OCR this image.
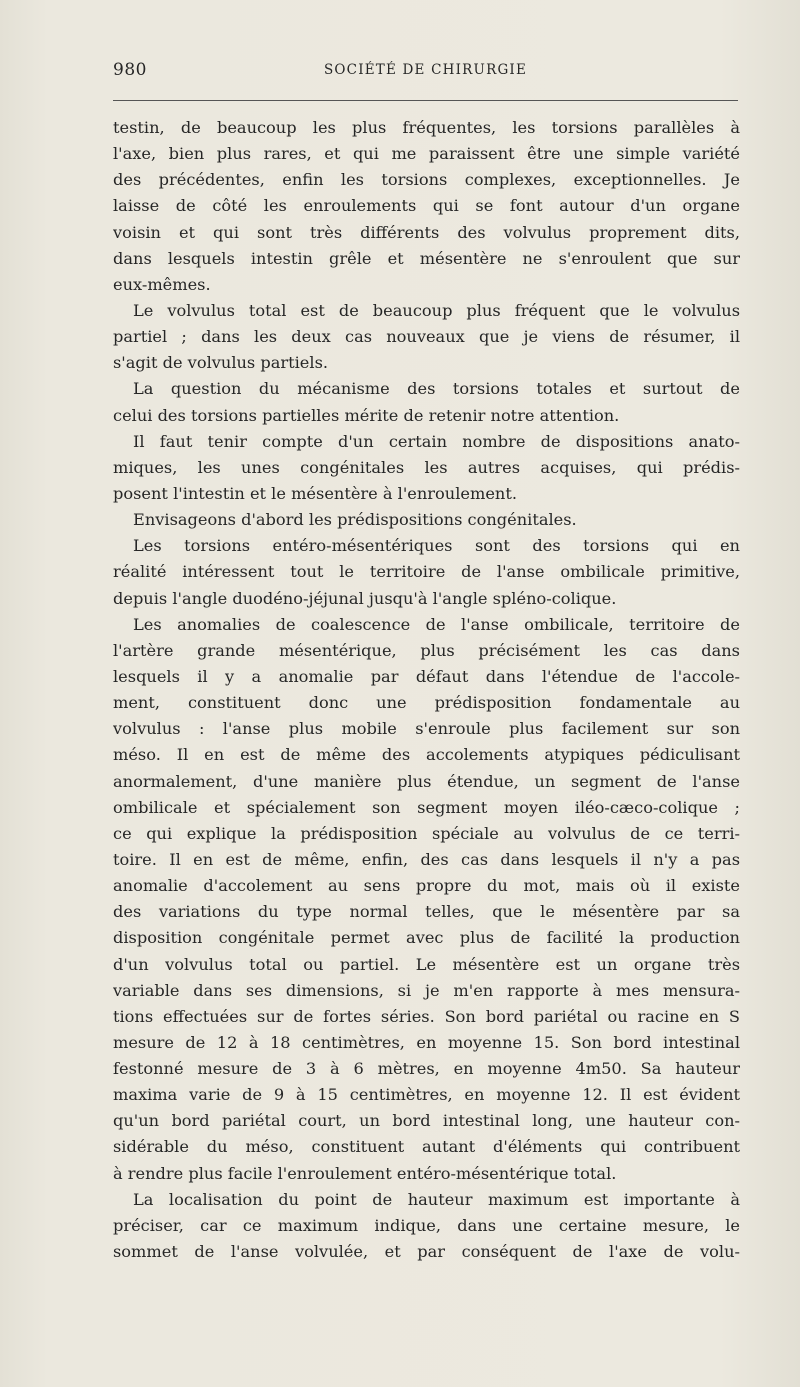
980	SOCIÉTÉ DE CHIRURGIE
testin, de beaucoup les plus fréquentes, les torsions parallèles à
l'axe, bien plus rares, et qui me paraissent être une simple variété
des précédentes, enfin les torsions complexes, exceptionnelles. Je
laisse de côté les enroulements qui se font autour d'un organe
voisin et qui sont très différents des volvulus proprement dits,
dans lesquels intestin grêle et mésentère ne s'enroulent que sur
eux-mêmes.
Le volvulus total est de beaucoup plus fréquent que le volvulus
partiel ; dans les deux cas nouveaux que je viens de résumer, il
s'agit de volvulus partiels.
La question du mécanisme des torsions totales et surtout de
celui des torsions partielles mérite de retenir notre attention.
Il faut tenir compte d'un certain nombre de dispositions anato-
miques, les unes congénitales les autres acquises, qui prédis-
posent l'intestin et le mésentère à l'enroulement.
Envisageons d'abord les prédispositions congénitales.
Les torsions entéro-mésentériques sont des torsions qui en
réalité intéressent tout le territoire de l'anse ombilicale primitive,
depuis l'angle duodéno-jéjunal jusqu'à l'angle spléno-colique.
Les anomalies de coalescence de l'anse ombilicale, territoire de
l'artère grande mésentérique, plus précisément les cas dans
lesquels il y a anomalie par défaut dans l'étendue de l'accole-
ment, constituent donc une prédisposition fondamentale au
volvulus : l'anse plus mobile s'enroule plus facilement sur son
méso. Il en est de même des accolements atypiques pédiculisant
anormalement, d'une manière plus étendue, un segment de l'anse
ombilicale et spécialement son segment moyen iléo-cæco-colique ;
ce qui explique la prédisposition spéciale au volvulus de ce terri-
toire. Il en est de même, enfin, des cas dans lesquels il n'y a pas
anomalie d'accolement au sens propre du mot, mais où il existe
des variations du type normal telles, que le mésentère par sa
disposition congénitale permet avec plus de facilité la production
d'un volvulus total ou partiel. Le mésentère est un organe très
variable dans ses dimensions, si je m'en rapporte à mes mensura-
tions effectuées sur de fortes séries. Son bord pariétal ou racine en S
mesure de 12 à 18 centimètres, en moyenne 15. Son bord intestinal
festonné mesure de 3 à 6 mètres, en moyenne 4m50. Sa hauteur
maxima varie de 9 à 15 centimètres, en moyenne 12. Il est évident
qu'un bord pariétal court, un bord intestinal long, une hauteur con-
sidérable du méso, constituent autant d'éléments qui contribuent
à rendre plus facile l'enroulement entéro-mésentérique total.
La localisation du point de hauteur maximum est importante à
préciser, car ce maximum indique, dans une certaine mesure, le
sommet de l'anse volvulée, et par conséquent de l'axe de volu-
